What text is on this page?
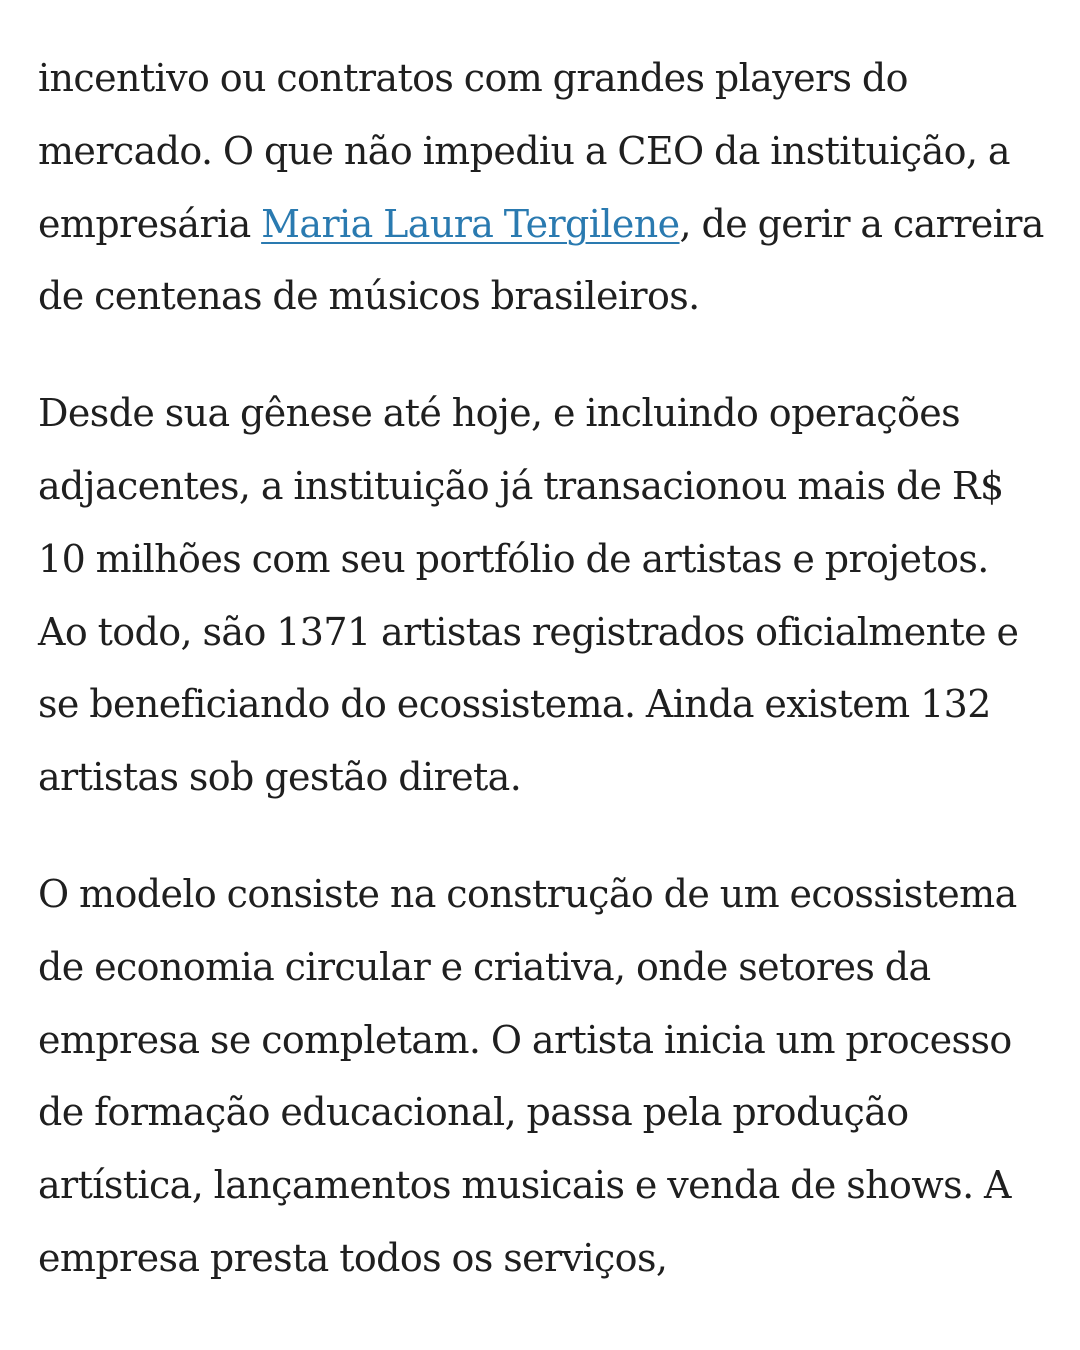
incentivo ou contratos com grandes players do mercado. O que não impediu a CEO da instituição, a empresária Maria Laura Tergilene, de gerir a carreira de centenas de músicos brasileiros.

Desde sua gênese até hoje, e incluindo operações adjacentes, a instituição já transacionou mais de R$ 10 milhões com seu portfólio de artistas e projetos. Ao todo, são 1371 artistas registrados oficialmente e se beneficiando do ecossistema. Ainda existem 132 artistas sob gestão direta.

O modelo consiste na construção de um ecossistema de economia circular e criativa, onde setores da empresa se completam. O artista inicia um processo de formação educacional, passa pela produção artística, lançamentos musicais e venda de shows. A empresa presta todos os serviços,
